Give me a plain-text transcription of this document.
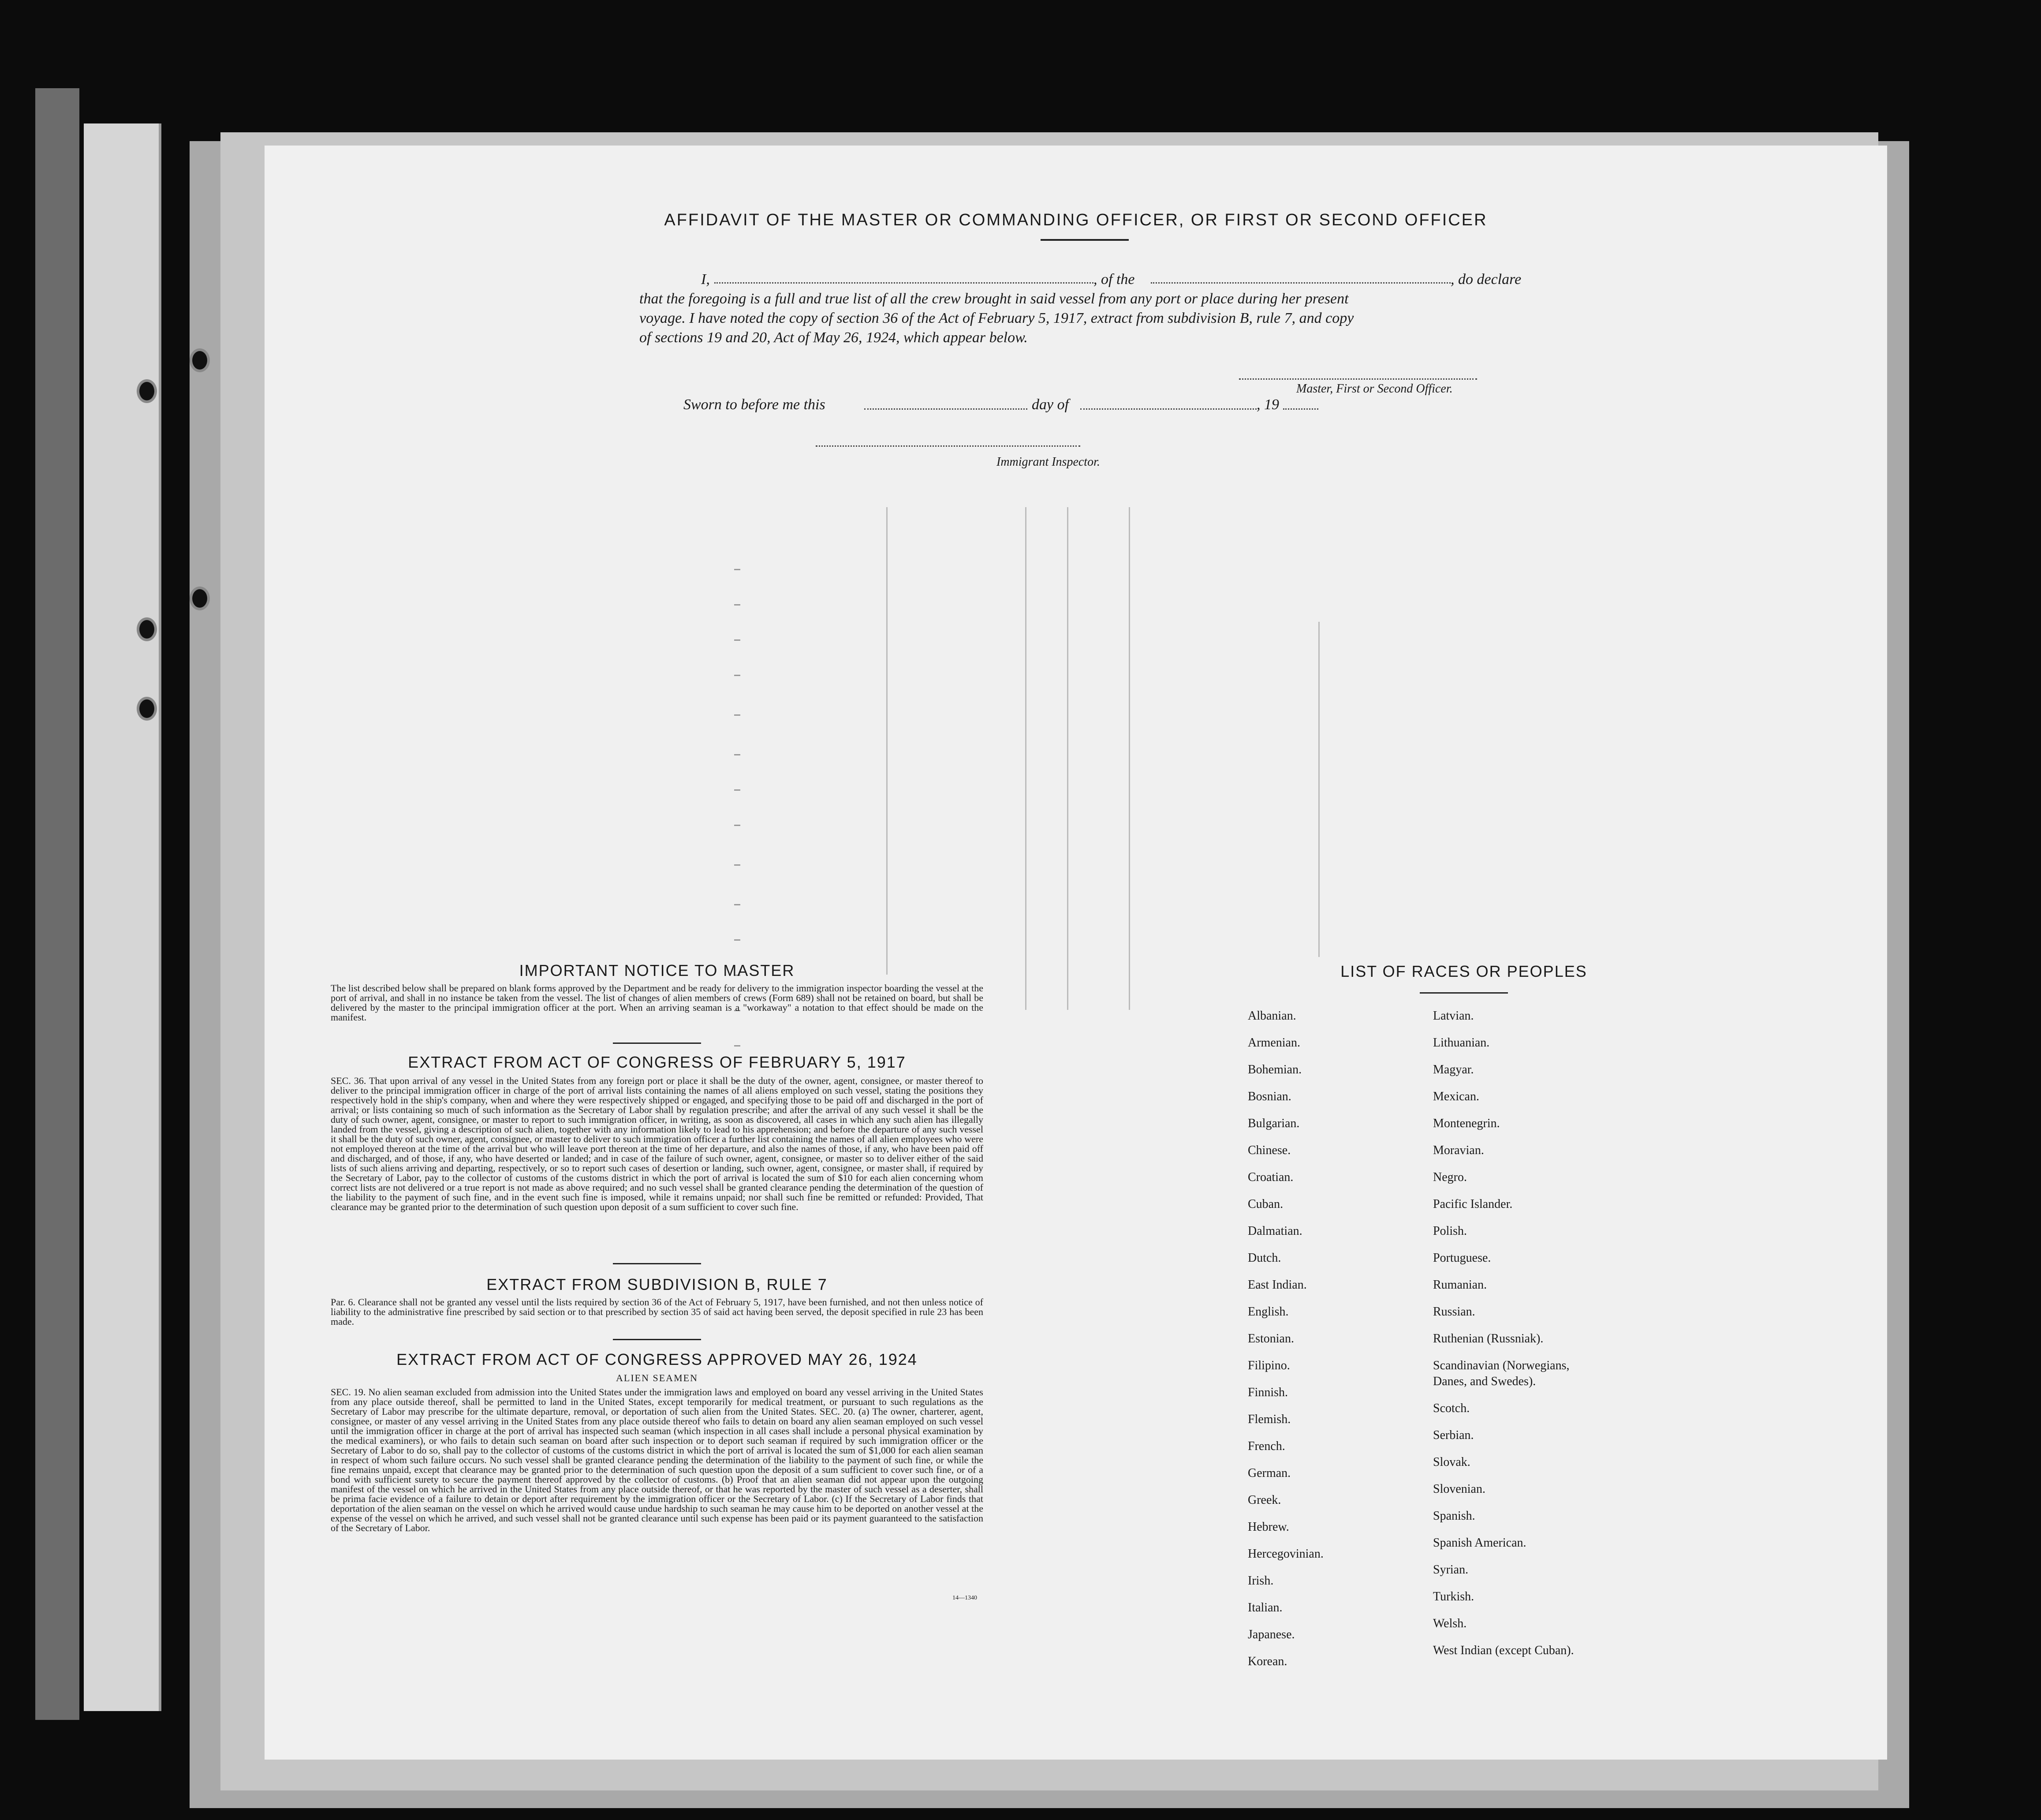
AFFIDAVIT OF THE MASTER OR COMMANDING OFFICER, OR FIRST OR SECOND OFFICER
I,	, of the	, do declare
that the foregoing is a full and true list of all the crew brought in said vessel from any port or place during her present
voyage. I have noted the copy of section 36 of the Act of February 5, 1917, extract from subdivision B, rule 7, and copy
of sections 19 and 20, Act of May 26, 1924, which appear below.
Master, First or Second Officer.
Sworn to before me this	day of	, 19
Immigrant Inspector.
IMPORTANT NOTICE TO MASTER
The list described below shall be prepared on blank forms approved by the Department and be ready for delivery to the immigration inspector boarding the vessel at the port of arrival, and shall in no instance be taken from the vessel. The list of changes of alien members of crews (Form 689) shall not be retained on board, but shall be delivered by the master to the principal immigration officer at the port. When an arriving seaman is a "workaway" a notation to that effect should be made on the manifest.
EXTRACT FROM ACT OF CONGRESS OF FEBRUARY 5, 1917
SEC. 36. That upon arrival of any vessel in the United States from any foreign port or place it shall be the duty of the owner, agent, consignee, or master thereof to deliver to the principal immigration officer in charge of the port of arrival lists containing the names of all aliens employed on such vessel, stating the positions they respectively hold in the ship's company, when and where they were respectively shipped or engaged, and specifying those to be paid off and discharged in the port of arrival; or lists containing so much of such information as the Secretary of Labor shall by regulation prescribe; and after the arrival of any such vessel it shall be the duty of such owner, agent, consignee, or master to report to such immigration officer, in writing, as soon as discovered, all cases in which any such alien has illegally landed from the vessel, giving a description of such alien, together with any information likely to lead to his apprehension; and before the departure of any such vessel it shall be the duty of such owner, agent, consignee, or master to deliver to such immigration officer a further list containing the names of all alien employees who were not employed thereon at the time of the arrival but who will leave port thereon at the time of her departure, and also the names of those, if any, who have been paid off and discharged, and of those, if any, who have deserted or landed; and in case of the failure of such owner, agent, consignee, or master so to deliver either of the said lists of such aliens arriving and departing, respectively, or so to report such cases of desertion or landing, such owner, agent, consignee, or master shall, if required by the Secretary of Labor, pay to the collector of customs of the customs district in which the port of arrival is located the sum of $10 for each alien concerning whom correct lists are not delivered or a true report is not made as above required; and no such vessel shall be granted clearance pending the determination of the question of the liability to the payment of such fine, and in the event such fine is imposed, while it remains unpaid; nor shall such fine be remitted or refunded: Provided, That clearance may be granted prior to the determination of such question upon deposit of a sum sufficient to cover such fine.
EXTRACT FROM SUBDIVISION B, RULE 7
Par. 6. Clearance shall not be granted any vessel until the lists required by section 36 of the Act of February 5, 1917, have been furnished, and not then unless notice of liability to the administrative fine prescribed by said section or to that prescribed by section 35 of said act having been served, the deposit specified in rule 23 has been made.
EXTRACT FROM ACT OF CONGRESS APPROVED MAY 26, 1924
ALIEN SEAMEN
SEC. 19. No alien seaman excluded from admission into the United States under the immigration laws and employed on board any vessel arriving in the United States from any place outside thereof, shall be permitted to land in the United States, except temporarily for medical treatment, or pursuant to such regulations as the Secretary of Labor may prescribe for the ultimate departure, removal, or deportation of such alien from the United States. SEC. 20. (a) The owner, charterer, agent, consignee, or master of any vessel arriving in the United States from any place outside thereof who fails to detain on board any alien seaman employed on such vessel until the immigration officer in charge at the port of arrival has inspected such seaman (which inspection in all cases shall include a personal physical examination by the medical examiners), or who fails to detain such seaman on board after such inspection or to deport such seaman if required by such immigration officer or the Secretary of Labor to do so, shall pay to the collector of customs of the customs district in which the port of arrival is located the sum of $1,000 for each alien seaman in respect of whom such failure occurs. No such vessel shall be granted clearance pending the determination of the liability to the payment of such fine, or while the fine remains unpaid, except that clearance may be granted prior to the determination of such question upon the deposit of a sum sufficient to cover such fine, or of a bond with sufficient surety to secure the payment thereof approved by the collector of customs. (b) Proof that an alien seaman did not appear upon the outgoing manifest of the vessel on which he arrived in the United States from any place outside thereof, or that he was reported by the master of such vessel as a deserter, shall be prima facie evidence of a failure to detain or deport after requirement by the immigration officer or the Secretary of Labor. (c) If the Secretary of Labor finds that deportation of the alien seaman on the vessel on which he arrived would cause undue hardship to such seaman he may cause him to be deported on another vessel at the expense of the vessel on which he arrived, and such vessel shall not be granted clearance until such expense has been paid or its payment guaranteed to the satisfaction of the Secretary of Labor.
14—1340
LIST OF RACES OR PEOPLES
Albanian.
Armenian.
Bohemian.
Bosnian.
Bulgarian.
Chinese.
Croatian.
Cuban.
Dalmatian.
Dutch.
East Indian.
English.
Estonian.
Filipino.
Finnish.
Flemish.
French.
German.
Greek.
Hebrew.
Hercegovinian.
Irish.
Italian.
Japanese.
Korean.
Latvian.
Lithuanian.
Magyar.
Mexican.
Montenegrin.
Moravian.
Negro.
Pacific Islander.
Polish.
Portuguese.
Rumanian.
Russian.
Ruthenian (Russniak).
Scandinavian (Norwegians,
Danes, and Swedes).
Scotch.
Serbian.
Slovak.
Slovenian.
Spanish.
Spanish American.
Syrian.
Turkish.
Welsh.
West Indian (except Cuban).
